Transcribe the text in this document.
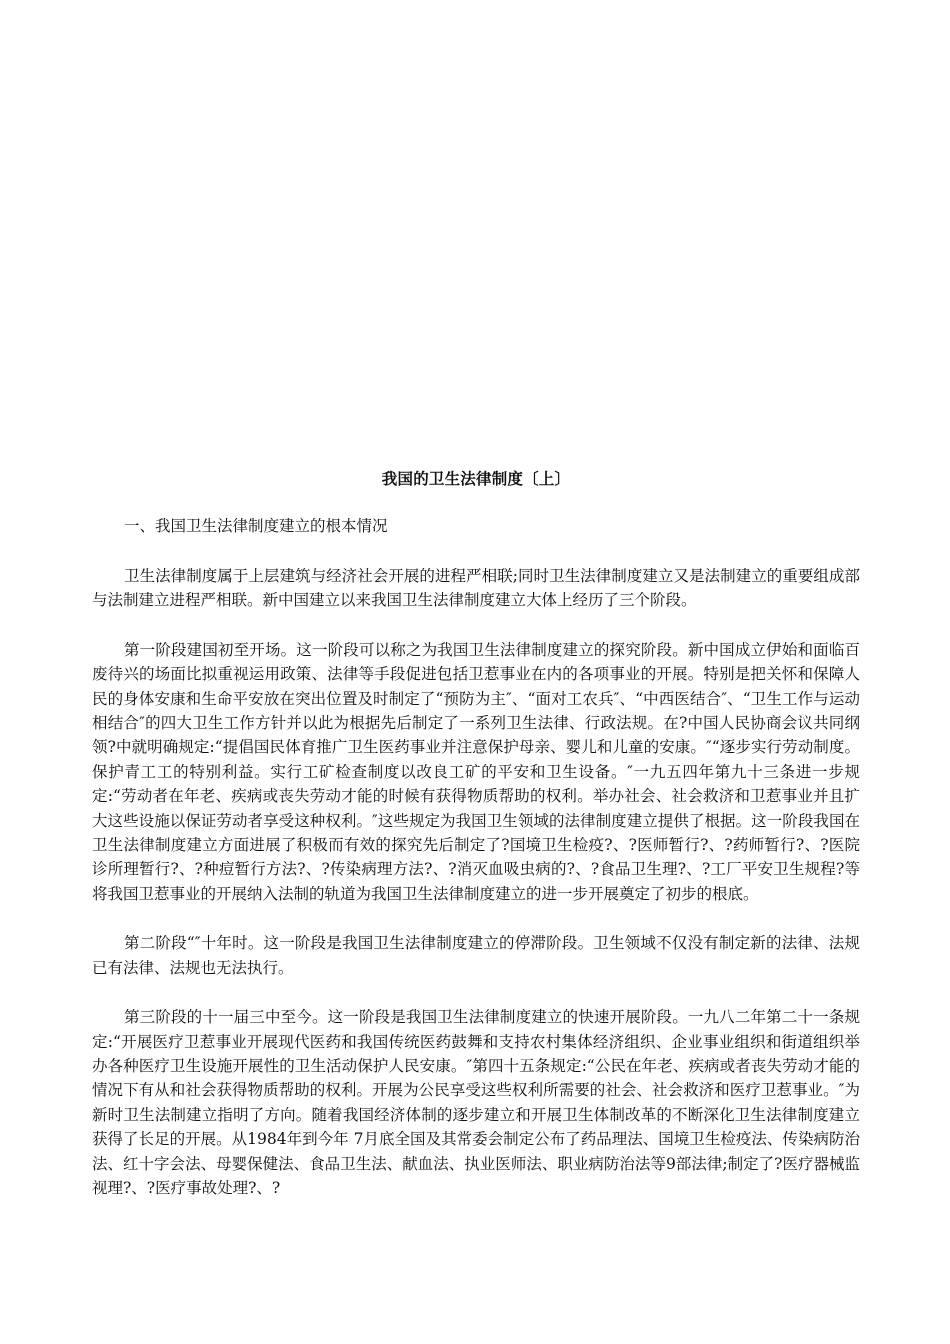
我国的卫生法律制度〔上〕
一、我国卫生法律制度建立的根本情况

卫生法律制度属于上层建筑与经济社会开展的进程严相联;同时卫生法律制度建立又是法制建立的重要组成部与法制建立进程严相联。新中国建立以来我国卫生法律制度建立大体上经历了三个阶段。

第一阶段建国初至开场。这一阶段可以称之为我国卫生法律制度建立的探究阶段。新中国成立伊始和面临百废待兴的场面比拟重视运用政策、法律等手段促进包括卫惹事业在内的各项事业的开展。特别是把关怀和保障人民的身体安康和生命平安放在突出位置及时制定了“预防为主″、“面对工农兵″、“中西医结合″、“卫生工作与运动相结合″的四大卫生工作方针并以此为根据先后制定了一系列卫生法律、行政法规。在?中国人民协商会议共同纲领?中就明确规定:“提倡国民体育推广卫生医药事业并注意保护母亲、婴儿和儿童的安康。″“逐步实行劳动制度。保护青工工的特别利益。实行工矿检查制度以改良工矿的平安和卫生设备。″一九五四年第九十三条进一步规定:“劳动者在年老、疾病或丧失劳动才能的时候有获得物质帮助的权利。举办社会、社会救济和卫惹事业并且扩大这些设施以保证劳动者享受这种权利。″这些规定为我国卫生领域的法律制度建立提供了根据。这一阶段我国在卫生法律制度建立方面进展了积极而有效的探究先后制定了?国境卫生检疫?、?医师暂行?、?药师暂行?、?医院诊所理暂行?、?种痘暂行方法?、?传染病理方法?、?消灭血吸虫病的?、?食品卫生理?、?工厂平安卫生规程?等将我国卫惹事业的开展纳入法制的轨道为我国卫生法律制度建立的进一步开展奠定了初步的根底。

第二阶段“″十年时。这一阶段是我国卫生法律制度建立的停滞阶段。卫生领域不仅没有制定新的法律、法规已有法律、法规也无法执行。

第三阶段的十一届三中至今。这一阶段是我国卫生法律制度建立的快速开展阶段。一九八二年第二十一条规定:“开展医疗卫惹事业开展现代医药和我国传统医药鼓舞和支持农村集体经济组织、企业事业组织和街道组织举办各种医疗卫生设施开展性的卫生活动保护人民安康。″第四十五条规定:“公民在年老、疾病或者丧失劳动才能的情况下有从和社会获得物质帮助的权利。开展为公民享受这些权利所需要的社会、社会救济和医疗卫惹事业。″为新时卫生法制建立指明了方向。随着我国经济体制的逐步建立和开展卫生体制改革的不断深化卫生法律制度建立获得了长足的开展。从1984年到今年 7月底全国及其常委会制定公布了药品理法、国境卫生检疫法、传染病防治法、红十字会法、母婴保健法、食品卫生法、献血法、执业医师法、职业病防治法等9部法律;制定了?医疗器械监视理?、?医疗事故处理?、?
